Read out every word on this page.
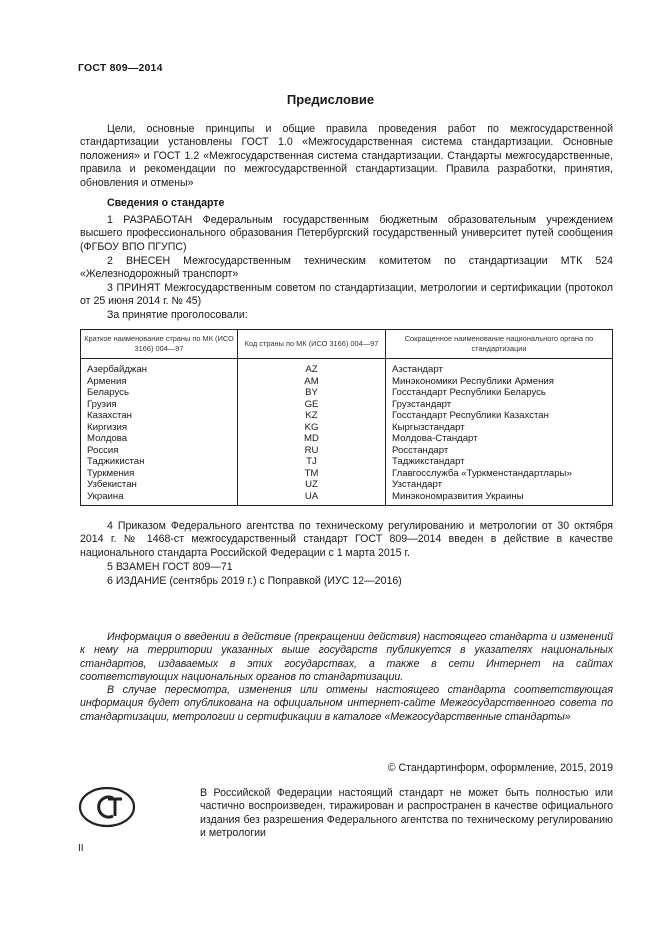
ГОСТ 809—2014
Предисловие
Цели, основные принципы и общие правила проведения работ по межгосударственной стандартизации установлены ГОСТ 1.0 «Межгосударственная система стандартизации. Основные положения» и ГОСТ 1.2 «Межгосударственная система стандартизации. Стандарты межгосударственные, правила и рекомендации по межгосударственной стандартизации. Правила разработки, принятия, обновления и отмены»
Сведения о стандарте
1 РАЗРАБОТАН Федеральным государственным бюджетным образовательным учреждением высшего профессионального образования Петербургский государственный университет путей сообщения (ФГБОУ ВПО ПГУПС)
2 ВНЕСЕН Межгосударственным техническим комитетом по стандартизации МТК 524 «Железнодорожный транспорт»
3 ПРИНЯТ Межгосударственным советом по стандартизации, метрологии и сертификации (протокол от 25 июня 2014 г. № 45)
За принятие проголосовали:
Краткое наименование страны по МК (ИСО 3166) 004—97	Код страны по МК (ИСО 3166) 004—97	Сокращенное наименование национального органа по стандартизации
Азербайджан	AZ	Азстандарт
Армения	AM	Минэкономики Республики Армения
Беларусь	BY	Госстандарт Республики Беларусь
Грузия	GE	Грузстандарт
Казахстан	KZ	Госстандарт Республики Казахстан
Киргизия	KG	Кыргызстандарт
Молдова	MD	Молдова-Стандарт
Россия	RU	Росстандарт
Таджикистан	TJ	Таджикстандарт
Туркмения	TM	Главгосслужба «Туркменстандартлары»
Узбекистан	UZ	Узстандарт
Украина	UA	Минэкономразвития Украины
4 Приказом Федерального агентства по техническому регулированию и метрологии от 30 октября 2014 г. № 1468-ст межгосударственный стандарт ГОСТ 809—2014 введен в действие в качестве национального стандарта Российской Федерации с 1 марта 2015 г.
5 ВЗАМЕН ГОСТ 809—71
6 ИЗДАНИЕ (сентябрь 2019 г.) с Поправкой (ИУС 12—2016)
Информация о введении в действие (прекращении действия) настоящего стандарта и изменений к нему на территории указанных выше государств публикуется в указателях национальных стандартов, издаваемых в этих государствах, а также в сети Интернет на сайтах соответствующих национальных органов по стандартизации.
В случае пересмотра, изменения или отмены настоящего стандарта соответствующая информация будет опубликована на официальном интернет-сайте Межгосударственного совета по стандартизации, метрологии и сертификации в каталоге «Межгосударственные стандарты»
© Стандартинформ, оформление, 2015, 2019
В Российской Федерации настоящий стандарт не может быть полностью или частично воспроизведен, тиражирован и распространен в качестве официального издания без разрешения Федерального агентства по техническому регулированию и метрологии
II
